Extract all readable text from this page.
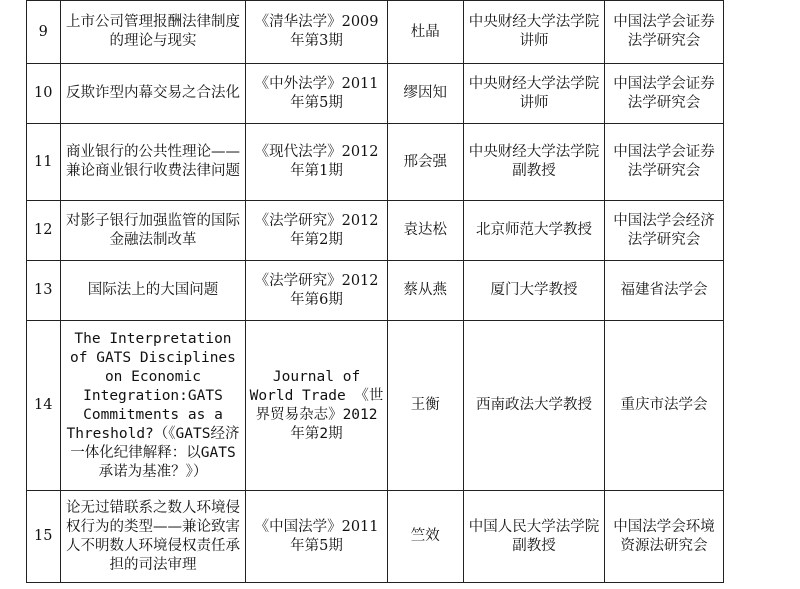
9	上市公司管理报酬法律制度的理论与现实	《清华法学》2009年第3期	杜晶	中央财经大学法学院讲师	中国法学会证券法学研究会
10	反欺诈型内幕交易之合法化	《中外法学》2011年第5期	缪因知	中央财经大学法学院讲师	中国法学会证券法学研究会
11	商业银行的公共性理论——兼论商业银行收费法律问题	《现代法学》2012年第1期	邢会强	中央财经大学法学院副教授	中国法学会证券法学研究会
12	对影子银行加强监管的国际金融法制改革	《法学研究》2012年第2期	袁达松	北京师范大学教授	中国法学会经济法学研究会
13	国际法上的大国问题	《法学研究》2012年第6期	蔡从燕	厦门大学教授	福建省法学会
14	The Interpretation of GATS Disciplines on Economic Integration:GATS Commitments as a Threshold?（《GATS经济一体化纪律解释：以GATS承诺为基准？》）	Journal of World Trade 《世界贸易杂志》2012年第2期	王衡	西南政法大学教授	重庆市法学会
15	论无过错联系之数人环境侵权行为的类型——兼论致害人不明数人环境侵权责任承担的司法审理	《中国法学》2011年第5期	竺效	中国人民大学法学院副教授	中国法学会环境资源法研究会
